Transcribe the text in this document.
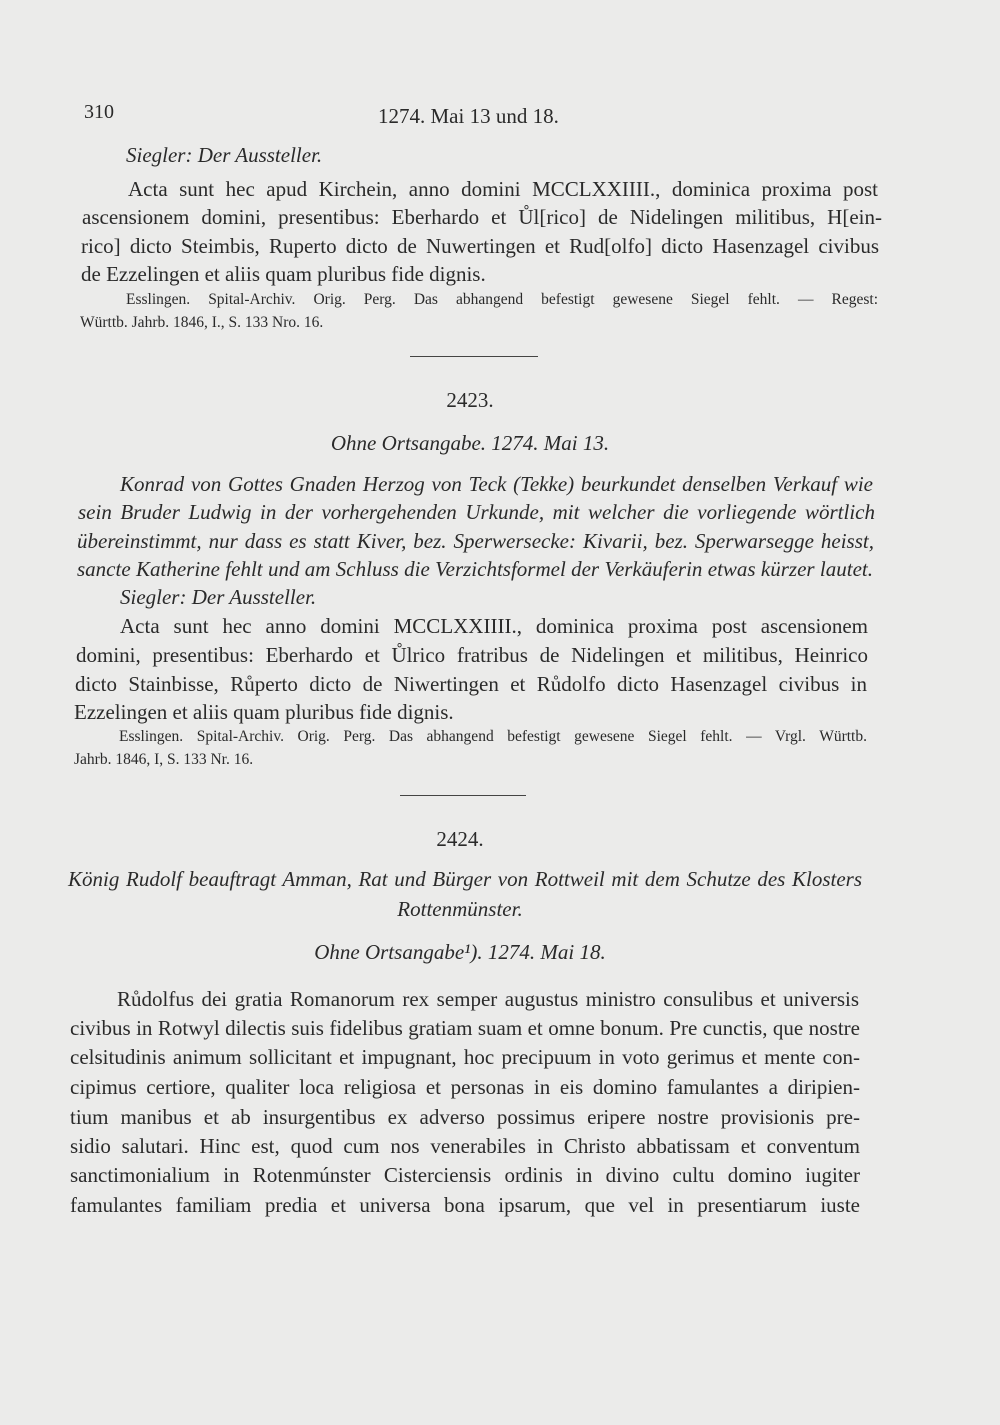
310	1274. Mai 13 und 18.
Siegler: Der Aussteller.
Acta sunt hec apud Kirchein, anno domini MCCLXXIIII., dominica proxima post
ascensionem domini, presentibus: Eberhardo et Ůl[rico] de Nidelingen militibus, H[ein-
rico] dicto Steimbis, Ruperto dicto de Nuwertingen et Rud[olfo] dicto Hasenzagel civibus
de Ezzelingen et aliis quam pluribus fide dignis.
Esslingen. Spital-Archiv. Orig. Perg. Das abhangend befestigt gewesene Siegel fehlt. — Regest:
Württb. Jahrb. 1846, I., S. 133 Nro. 16.
2423.
Ohne Ortsangabe. 1274. Mai 13.
Konrad von Gottes Gnaden Herzog von Teck (Tekke) beurkundet denselben Verkauf wie
sein Bruder Ludwig in der vorhergehenden Urkunde, mit welcher die vorliegende wörtlich
übereinstimmt, nur dass es statt Kiver, bez. Sperwersecke: Kivarii, bez. Sperwarsegge heisst,
sancte Katherine fehlt und am Schluss die Verzichtsformel der Verkäuferin etwas kürzer lautet.
Siegler: Der Aussteller.
Acta sunt hec anno domini MCCLXXIIII., dominica proxima post ascensionem
domini, presentibus: Eberhardo et Ůlrico fratribus de Nidelingen et militibus, Heinrico
dicto Stainbisse, Růperto dicto de Niwertingen et Růdolfo dicto Hasenzagel civibus in
Ezzelingen et aliis quam pluribus fide dignis.
Esslingen. Spital-Archiv. Orig. Perg. Das abhangend befestigt gewesene Siegel fehlt. — Vrgl. Württb.
Jahrb. 1846, I, S. 133 Nr. 16.
2424.
König Rudolf beauftragt Amman, Rat und Bürger von Rottweil mit dem Schutze des Klosters
Rottenmünster.
Ohne Ortsangabe¹). 1274. Mai 18.
Růdolfus dei gratia Romanorum rex semper augustus ministro consulibus et universis
civibus in Rotwyl dilectis suis fidelibus gratiam suam et omne bonum. Pre cunctis, que nostre
celsitudinis animum sollicitant et impugnant, hoc precipuum in voto gerimus et mente con-
cipimus certiore, qualiter loca religiosa et personas in eis domino famulantes a diripien-
tium manibus et ab insurgentibus ex adverso possimus eripere nostre provisionis pre-
sidio salutari. Hinc est, quod cum nos venerabiles in Christo abbatissam et conventum
sanctimonialium in Rotenmúnster Cisterciensis ordinis in divino cultu domino iugiter
famulantes familiam predia et universa bona ipsarum, que vel in presentiarum iuste
